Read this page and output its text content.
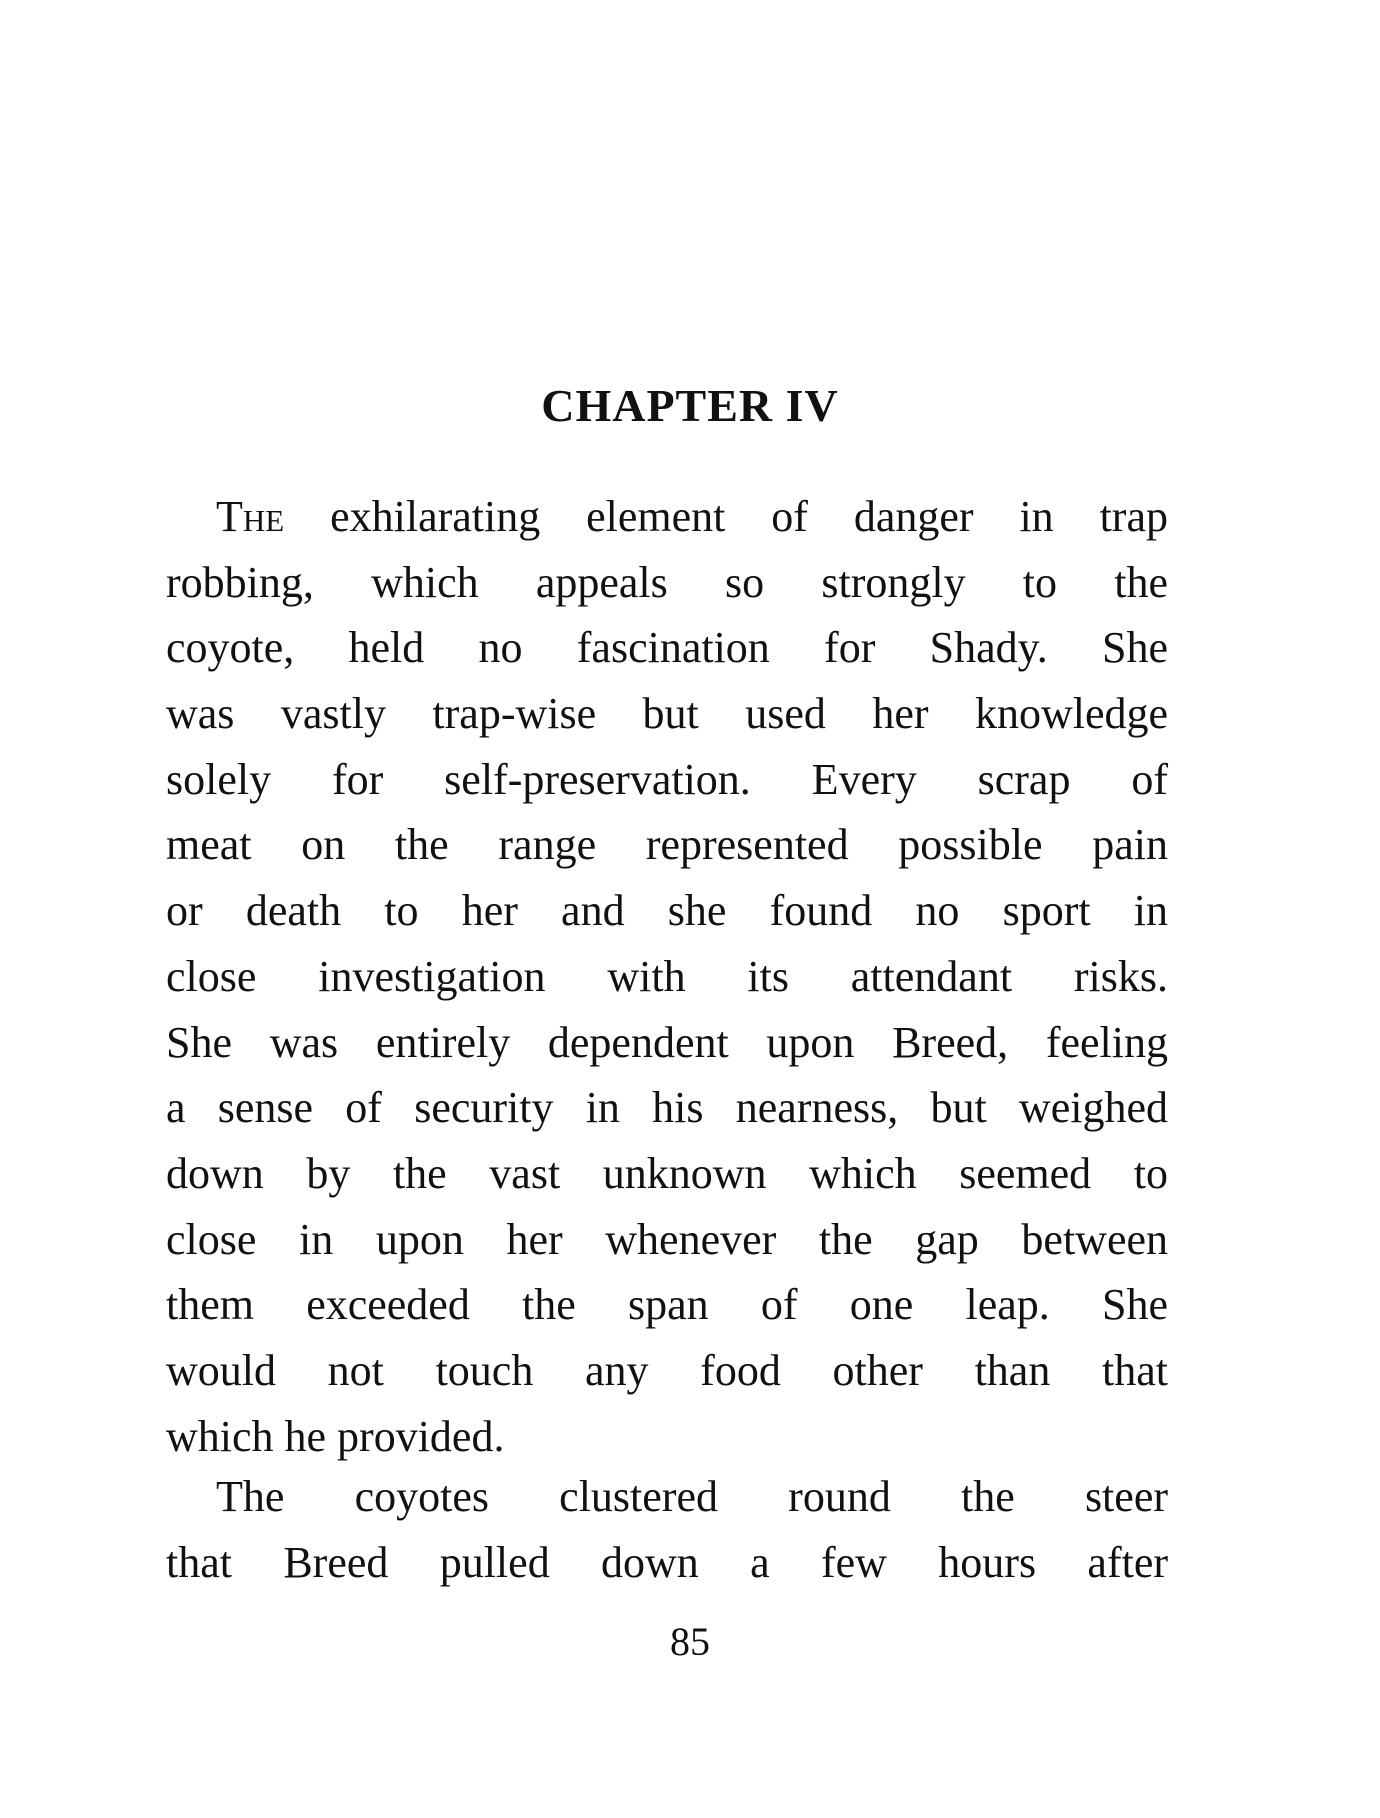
CHAPTER IV
The exhilarating element of danger in trap
robbing, which appeals so strongly to the
coyote, held no fascination for Shady. She
was vastly trap-wise but used her knowledge
solely for self-preservation. Every scrap of
meat on the range represented possible pain
or death to her and she found no sport in
close investigation with its attendant risks.
She was entirely dependent upon Breed, feeling
a sense of security in his nearness, but weighed
down by the vast unknown which seemed to
close in upon her whenever the gap between
them exceeded the span of one leap. She
would not touch any food other than that
which he provided.
The coyotes clustered round the steer
that Breed pulled down a few hours after
85
